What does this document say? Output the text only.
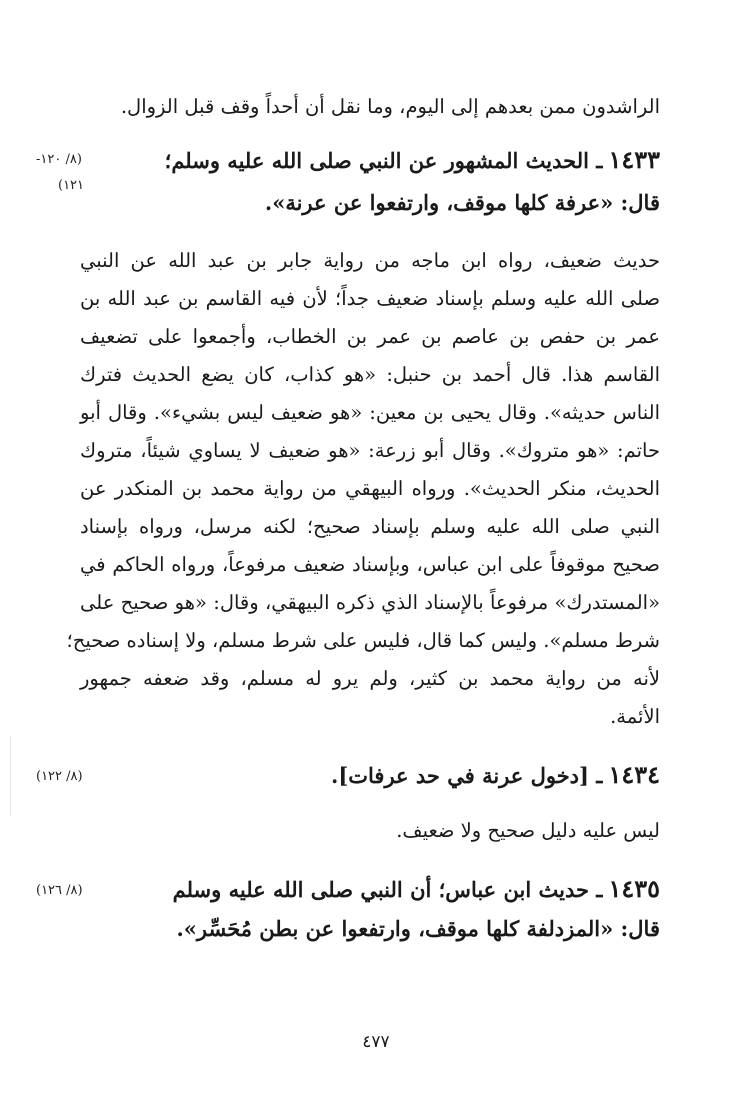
الراشدون ممن بعدهم إلى اليوم، وما نقل أن أحداً وقف قبل الزوال.
(٨/ ١٢٠-
١٢١)
١٤٣٣ـ الحديث المشهور عن النبي صلى الله عليه وسلم؛
قال: «عرفة كلها موقف، وارتفعوا عن عرنة».
حديث ضعيف، رواه ابن ماجه من رواية جابر بن عبد الله عن النبي
صلى الله عليه وسلم بإسناد ضعيف جداً؛ لأن فيه القاسم بن عبد الله بن
عمر بن حفص بن عاصم بن عمر بن الخطاب، وأجمعوا على تضعيف
القاسم هذا. قال أحمد بن حنبل: «هو كذاب، كان يضع الحديث فترك
الناس حديثه». وقال يحيى بن معين: «هو ضعيف ليس بشيء». وقال أبو
حاتم: «هو متروك». وقال أبو زرعة: «هو ضعيف لا يساوي شيئاً، متروك
الحديث، منكر الحديث». ورواه البيهقي من رواية محمد بن المنكدر عن
النبي صلى الله عليه وسلم بإسناد صحيح؛ لكنه مرسل، ورواه بإسناد
صحيح موقوفاً على ابن عباس، وبإسناد ضعيف مرفوعاً، ورواه الحاكم في
«المستدرك» مرفوعاً بالإسناد الذي ذكره البيهقي، وقال: «هو صحيح على
شرط مسلم». وليس كما قال، فليس على شرط مسلم، ولا إسناده صحيح؛
لأنه من رواية محمد بن كثير، ولم يرو له مسلم، وقد ضعفه جمهور
الأئمة.
(٨/ ١٢٢)	١٤٣٤ـ [دخول عرنة في حد عرفات].
ليس عليه دليل صحيح ولا ضعيف.
(٨/ ١٢٦)	١٤٣٥ـ حديث ابن عباس؛ أن النبي صلى الله عليه وسلم
قال: «المزدلفة كلها موقف، وارتفعوا عن بطن مُحَسِّر».
٤٧٧
